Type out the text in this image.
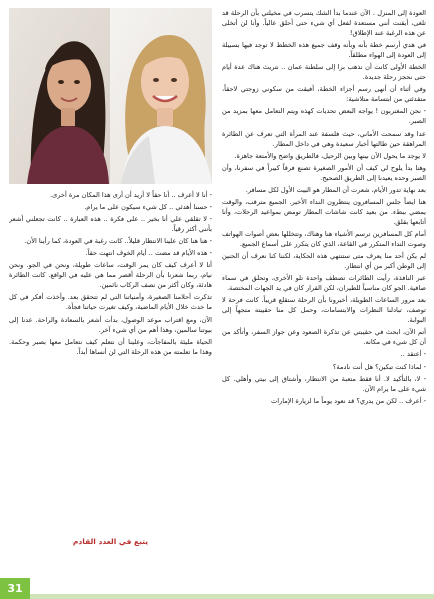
العودة إلى المنزل . الآن عندما بدأ الشك يتسرب في مخيلتي بأن الرحلة قد تلغى، أيقنت أنني مستعدة لفعل أي شيء حتى أحلق عالياً. وأنا لن أتخلى عن هذه الرغبة عند الإطلاق!

في هدي أرسم خطة بأنه وبأنه وقف جميع هذه الخطط لا توجد فيها بسبيلة إلى العودة إلى الهواء مطلقاً.

الخطة الأولى كانت أن نذهب برا إلى سلطنة عمان .. نتريث هناك عدة أيام حتى نحجز رحلة جديدة.

وفي أثناء أن أنهى رسم أجزاء الخطة، أفيقت من سكوني زوجتي لاحقاً، متقدئتي من ابتسامة متلاشية:

- نحن المغتربون ! يواجه البعض تحديات كهذه ويتم التعامل معها بمزيد من الصبر.

عدا وقد سمحت الأماني، حيث فلسفة عند المرأة التي تعرف عن الطائرة المراهقة حين طالتها أخبار سعيدة وهي في داخل المطار.

لا يوجد ما يحول الآن بينها وبين الرحيل، فالطريق واضح والأمتعة جاهزة.

وهنا بدأ يلوح لي كيف أن الأمور الصغيرة تصنع فرقاً كبيراً في سفرنا، وأن الصبر وحده يعيدنا إلى الطريق الصحيح.

بعد نهاية تدور الأيام، شعرت أن المطار هو البيت الأول لكل مسافر.

هنا ايضاً جلس المسافرون ينتظرون النداء الأخير. الجميع مترقب، والوقت يمضي ببطء. من بعيد كانت شاشات المطار تومض بمواعيد الرحلات، وأنا أتابعها بقلق.

أمام كل المسافرين ترسم الأشياء هنا وهناك، وتتخللها بعض أصوات الهواتف وصوت النداء المتكرر في القاعة، الذي كان يتكرر على أسماع الجميع.

لم يكن أحد منا يعرف متى ستنتهي هذه الحكاية، لكننا كنا نعرف أن الحنين إلى الوطن أكبر من أي انتظار.

عبر النافذة، رأيت الطائرات تصطف واحدة تلو الأخرى، وتحلق في سماء صافية. الجو كان مناسباً للطيران، لكن القرار كان في يد الجهات المختصة.

بعد مرور الساعات الطويلة، أخبرونا بأن الرحلة ستقلع قريباً. كانت فرحة لا توصف، تبادلنا النظرات والابتسامات، وحمل كل منا حقيبته متجهاً إلى البوابة.

أتم الآن، ابحث في حقيبتي عن تذكرة الصعود وعن جواز السفر، وأتأكد من أن كل شيء في مكانه.

- أعتقد ..

- لماذا كنت تبكين؟ هل أنت نادمة؟

- لا، بالتأكيد لا. أنا فقط متعبة من الانتظار، وأشتاق إلى بيتي وأهلي. كل شيء على ما يرام الآن.

- أعرف .. لكن من يدري؟ قد نعود يوماً ما لزيارة الإمارات

- أنا لا أعرف .. أنا حقاً لا أريد أن أرى هذا المكان مرة أخرى.

- حسنا أهدئي .. كل شيء سيكون على ما يرام.

- لا تقلقي علي أنا بخير .. على فكرة .. هذه العبارة .. كانت تجعلني أشعر بأنني أكثر رقياً.

- هنا هنا كان علينا الانتظار قليلاً.. كانت رغبة في العودة، كما رأينا الأن.

- هذه الأيام قد مضت .. أيام الخوف انتهت حقاً.

أنا لا أعرف كيف كان يمر الوقت، ساعات طويلة، ونحن في الجو. ونحن نيام، ربما شعرنا بأن الرحلة أقصر مما هي عليه في الواقع. كانت الطائرة هادئة، وكان أكثر من نصف الركاب نائمين.

تذكرت أحلامنا الصغيرة، وأمنياتنا التي لم تتحقق بعد. وأخذت أفكر في كل ما حدث خلال الأيام الماضية، وكيف تغيرت حياتنا فجأة.

الآن، ومع اقتراب موعد الوصول، بدأت أشعر بالسعادة والراحة. عدنا إلى بيوتنا سالمين، وهذا أهم من أي شيء آخر.

الحياة مليئة بالمفاجآت، وعلينا أن نتعلم كيف نتعامل معها بصبر وحكمة. وهذا ما تعلمته من هذه الرحلة التي لن أنساها أبداً.

يتبع في العدد القادم
31
